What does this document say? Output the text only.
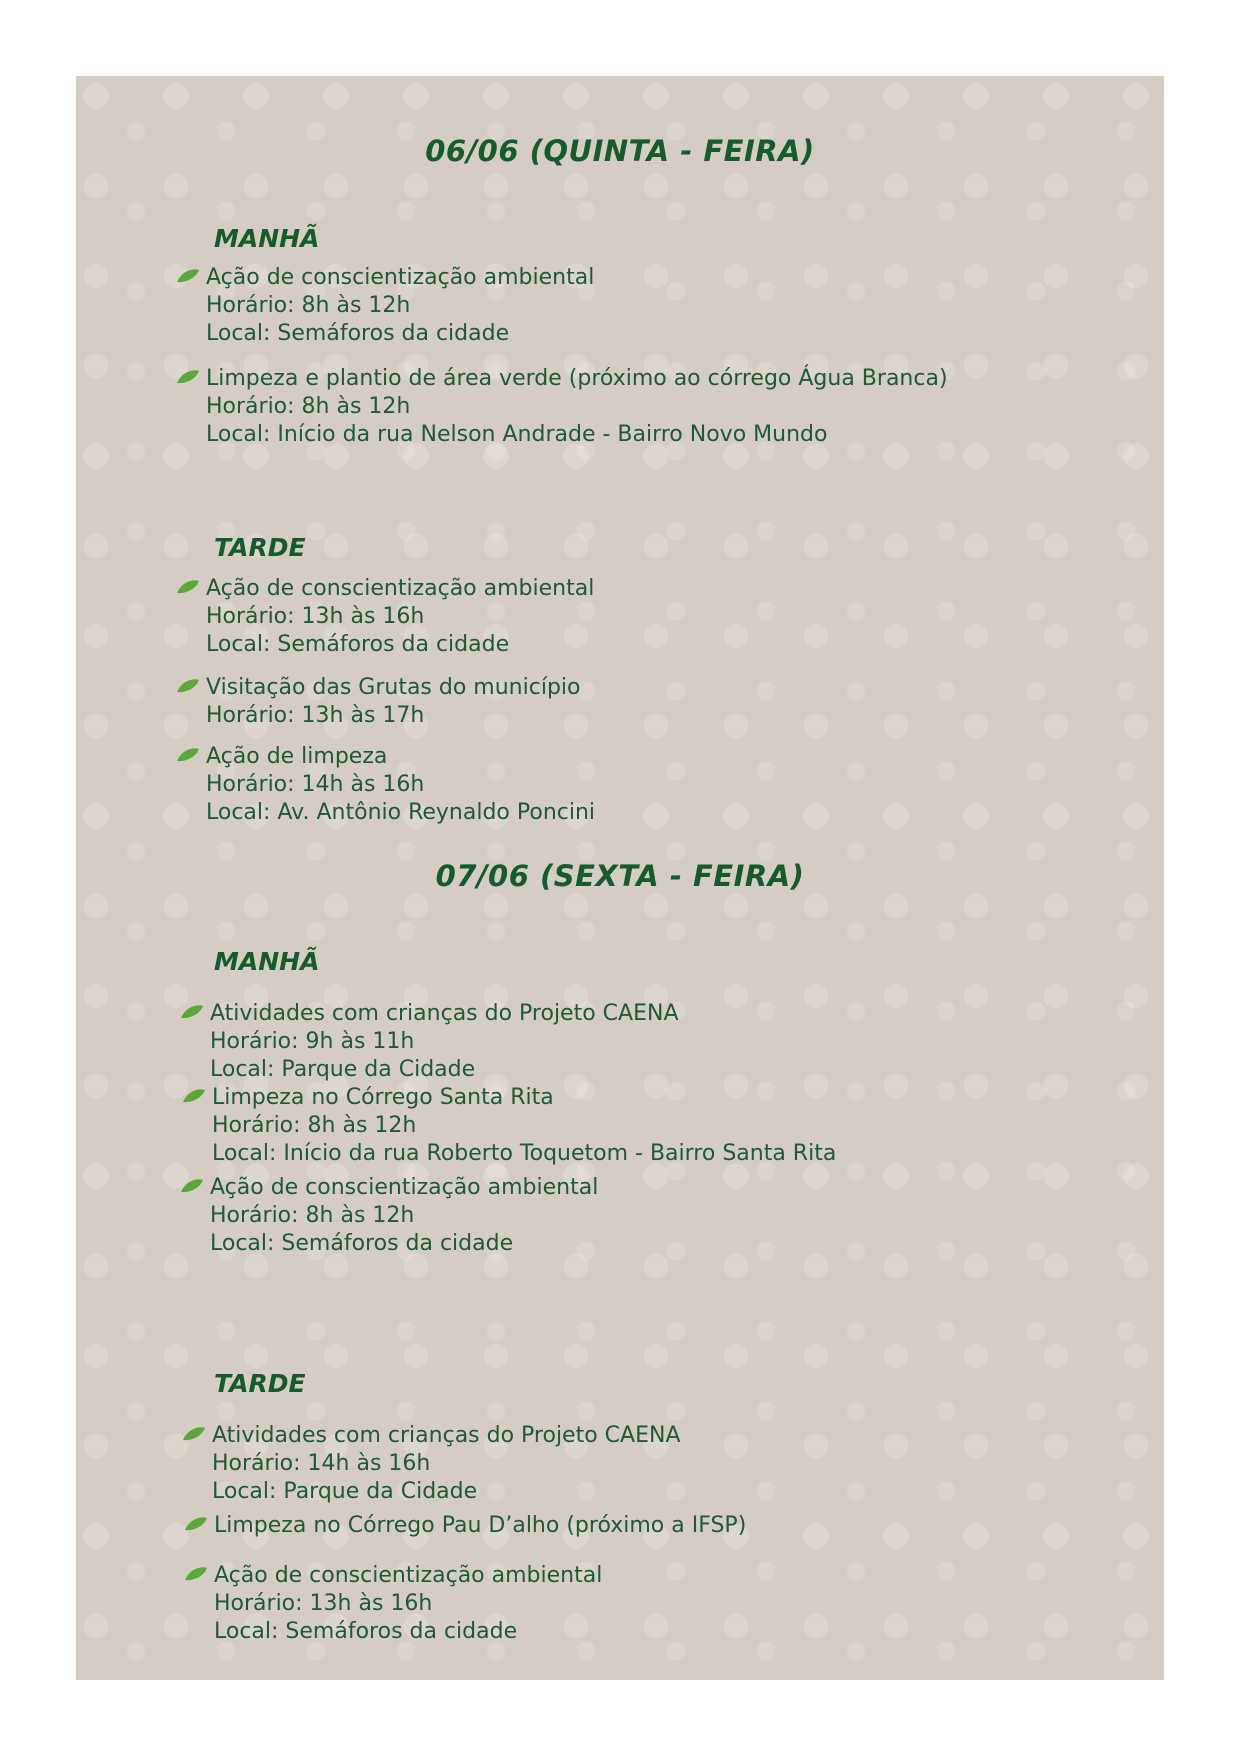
06/06 (QUINTA - FEIRA)
MANHÃ
Ação de conscientização ambiental
Horário: 8h às 12h
Local: Semáforos da cidade
Limpeza e plantio de área verde (próximo ao córrego Água Branca)
Horário: 8h às 12h
Local: Início da rua Nelson Andrade - Bairro Novo Mundo
TARDE
Ação de conscientização ambiental
Horário: 13h às 16h
Local: Semáforos da cidade
Visitação das Grutas do município
Horário: 13h às 17h
Ação de limpeza
Horário: 14h às 16h
Local: Av. Antônio Reynaldo Poncini
07/06 (SEXTA - FEIRA)
MANHÃ
Atividades com crianças do Projeto CAENA
Horário: 9h às 11h
Local: Parque da Cidade
Limpeza no Córrego Santa Rita
Horário: 8h às 12h
Local: Início da rua Roberto Toquetom - Bairro Santa Rita
Ação de conscientização ambiental
Horário: 8h às 12h
Local: Semáforos da cidade
TARDE
Atividades com crianças do Projeto CAENA
Horário: 14h às 16h
Local: Parque da Cidade
Limpeza no Córrego Pau D’alho (próximo a IFSP)
Ação de conscientização ambiental
Horário: 13h às 16h
Local: Semáforos da cidade
